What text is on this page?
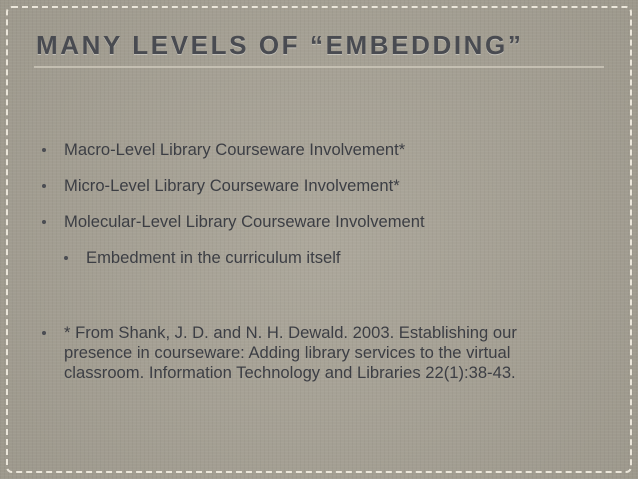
MANY LEVELS OF “EMBEDDING”
Macro-Level Library Courseware Involvement*
Micro-Level Library Courseware Involvement*
Molecular-Level Library Courseware Involvement
Embedment in the curriculum itself
* From Shank, J. D. and N. H. Dewald. 2003. Establishing our presence in courseware: Adding library services to the virtual classroom. Information Technology and Libraries 22(1):38-43.
